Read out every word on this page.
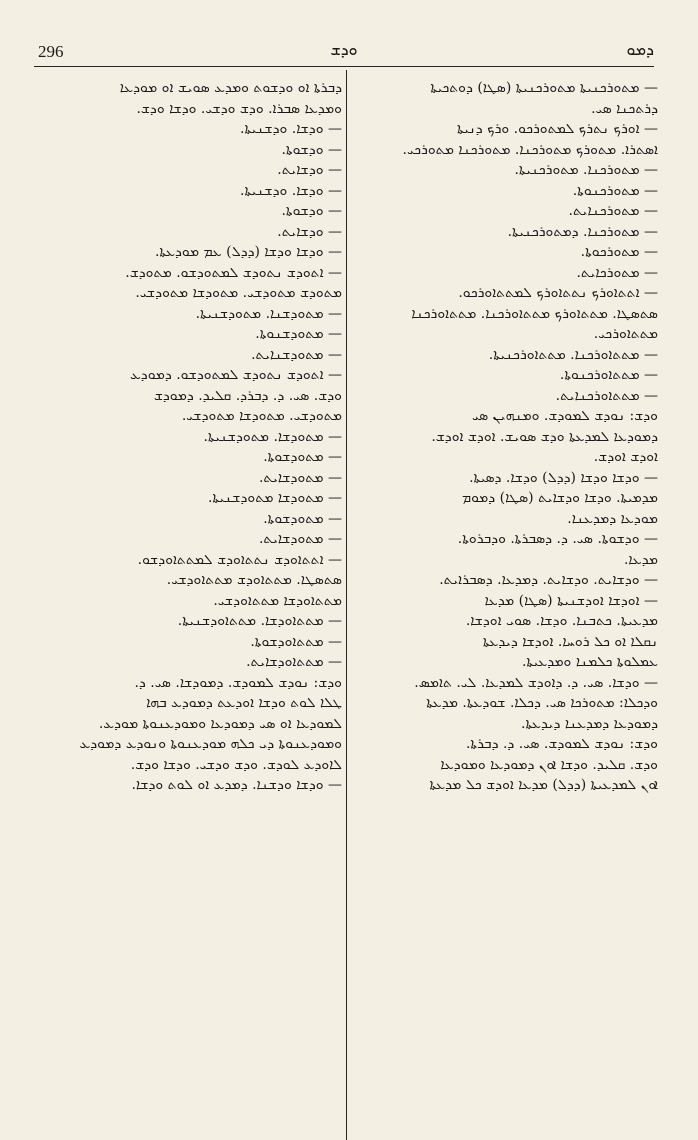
296	ܘܕܫ	ܕܡܘ
— ܡܬܘܪܟܢܝܬܐ ܡܬܘܪܟܢܝܬܐ (ܣܛܐ) ܕܘܬܟܝܬܐ
ܕܪܬܟܢܐ ܣܝ.
— ܐܘܪܟ ܢܬܪܟ ܠܡܬܘܪܟܘ. ܘܪܟ ܕܢܝܬܐ
ܐܣܬܪܐ. ܡܬܘܪܟ ܡܬܘܪܟܢܐ. ܡܬܘܪܟܢܐ ܡܬܘܪܟܝ.
— ܡܬܘܪܟܢܐ. ܡܬܘܪܟܢܝܬܐ.
— ܡܬܘܪܟܢܘܬܐ.
— ܡܬܘܪܟܢܐܝܬ.
— ܡܬܘܪܟܢܐ. ܕܡܬܘܪܟܢܝܬܐ.
— ܡܬܘܪܟܘܬܐ.
— ܡܬܘܪܟܐܝܬ.
— ܐܬܬܐܘܪܟ ܢܬܬܐܘܪܟ ܠܡܬܬܐܘܪܟܘ.
ܣܬܣܛܐ. ܡܬܬܐܘܪܟ ܡܬܬܐܘܪܟܢܐ. ܡܬܬܐܘܪܟܢܐ
ܡܬܬܐܘܪܟܝ.
— ܡܬܬܐܘܪܟܢܐ. ܡܬܬܐܘܪܟܢܝܬܐ.
— ܡܬܬܐܘܪܟܢܘܬܐ.
— ܡܬܬܐܘܪܟܢܐܝܬ.
ܘܕܫ: ܢܘܕܫ ܠܡܘܕܫ. ܘܡܢܗܝܢ ܣܝ
ܕܡܘܕܥܐ ܠܡܕܥܬܐ ܘܕܫ ܣܘܝܫ. ܐܘܕܫ ܐܘܕܫ.
ܐܘܕܫ ܐܘܕܫ.
— ܘܕܫܐ ܘܕܫܐ (ܕܕܠ) ܘܕܫܐ. ܕܣܝܬܐ.
ܡܕܡܝܬܐ. ܘܕܫܐ ܘܕܫܐܝܬ (ܣܛܐ) ܕܡܘܡ
ܡܘܕܥܐ ܕܡܕܥܢܐ.
— ܘܕܫܘܬܐ. ܣܝ. ܕ. ܕܣܒܪܬܐ. ܘܕܒܪܘܬܐ.
ܡܕܥܐ.
— ܘܕܫܐܝܬ. ܘܕܫܐܝܬ. ܕܡܕܥܐ. ܕܣܒܪܐܝܬ.
— ܐܘܕܫܐ ܐܘܕܫܢܝܬܐ (ܣܛܐ) ܡܕܥܐ
ܡܕܥܝܬܐ. ܟܬܒܢܐ. ܘܕܫܐ. ܣܘܝ ܐܘܕܫܐ.
ܢܩܠܐ ܐܘ ܟܠ ܪܘܚܐ. ܐܘܕܫܐ ܕܝܕܥܬܐ
ܥܡܠܘܬܐ ܟܠܡܢܐ ܘܡܕܥܝܬܐ.
— ܘܕܫܐ. ܣܝ. ܕ. ܕܐܘܕܫ ܠܡܕܥܐ. ܠܝ. ܬܐܡܣ.
ܘܕܟܠܐ: ܡܬܘܪܟܐ ܣܝ. ܕܟܠܐ. ܫܘܕܥܬܐ. ܡܕܥܬܐ
ܕܡܘܕܥܐ ܕܡܕܥܢܐ ܕܝܕܥܬܐ.
ܘܕܫ: ܢܘܕܫ ܠܡܘܕܫ. ܣܝ. ܕ. ܕܒܪܬܐ.
ܘܕܫ. ܩܠܝܕ. ܘܕܫܐ ܐܘܢ ܕܡܘܕܥܐ ܘܡܘܕܥܐ
ܐܘܢ ܠܡܕܥܝܬܐ (ܕܕܠ) ܡܕܥܐ ܐܘܕܫ ܟܠ ܡܕܥܬܐ
ܕܒܪܬܐ ܐܘ ܘܕܫܘܬ ܘܡܕܥ ܣܘܝܫ ܐܘ ܡܘܕܥܐ
ܘܡܕܥܐ ܣܒܪܐ. ܘܕܫ ܘܕܫܝ. ܘܕܫܐ ܘܕܫ.
— ܘܕܫܐ. ܘܕܫܢܝܬܐ.
— ܘܕܫܘܬܐ.
— ܘܕܫܐܝܬ.
— ܘܕܫܐ. ܘܕܫܢܝܬܐ.
— ܘܕܫܘܬܐ.
— ܘܕܫܐܝܬ.
— ܘܕܫܐ ܘܕܫܐ (ܕܕܠ) ܥܡ ܡܘܕܥܬܐ.
— ܐܬܘܕܫ ܢܬܘܕܫ ܠܡܬܘܕܫܘ. ܡܬܘܕܫ.
ܡܬܘܕܫ ܡܬܘܕܫܝ. ܡܬܘܕܫܐ ܡܬܘܕܫܝ.
— ܡܬܘܕܫܢܐ. ܡܬܘܕܫܢܝܬܐ.
— ܡܬܘܕܫܢܘܬܐ.
— ܡܬܘܕܫܢܐܝܬ.
— ܐܬܘܕܫ ܢܬܘܕܫ ܠܡܬܘܕܫܘ. ܕܡܘܕܥ
ܘܕܫ. ܣܝ. ܕ. ܕܒܪܕ. ܩܠܝܕ. ܕܡܘܕܫ
ܡܬܘܕܫܝ. ܡܬܘܕܫܐ ܡܬܘܕܫܝ.
— ܡܬܘܕܫܐ. ܡܬܘܕܫܢܝܬܐ.
— ܡܬܘܕܫܘܬܐ.
— ܡܬܘܕܫܐܝܬ.
— ܡܬܘܕܫܐ ܡܬܘܕܫܢܝܬܐ.
— ܡܬܘܕܫܘܬܐ.
— ܡܬܘܕܫܐܝܬ.
— ܐܬܬܐܘܕܫ ܢܬܬܐܘܕܫ ܠܡܬܬܐܘܕܫܘ.
ܣܬܣܛܐ. ܡܬܬܐܘܕܫ ܡܬܬܐܘܕܫܝ.
ܡܬܬܐܘܕܫܐ ܡܬܬܐܘܕܫܝ.
— ܡܬܬܐܘܕܫܐ. ܡܬܬܐܘܕܫܢܝܬܐ.
— ܡܬܬܐܘܕܫܘܬܐ.
— ܡܬܬܐܘܕܫܐܝܬ.
ܘܕܫ: ܢܘܕܫ ܠܡܘܕܫ. ܕܡܘܕܫܐ. ܣܝ. ܕ.
ܛܠܐ ܠܘܬ ܘܕܫܐ ܐܘܕܥܬ ܕܡܘܕܥ ܒܗܐ
ܠܡܘܕܥܐ ܐܘ ܣܝ ܕܡܘܕܥܐ ܘܡܘܕܥܢܘܬܐ ܡܘܕܥ.
ܘܡܘܕܥܢܘܬܐ ܕܝ ܟܠܗ ܡܘܕܥܢܘܬܐ ܘܢܘܕܥ ܕܡܘܕܥ
ܠܐܘܕܥ ܠܘܕܫ. ܘܕܫ ܘܕܫܝ. ܘܕܫܐ ܘܕܫ.
— ܘܕܫܐ ܘܕܫܢܐ. ܕܡܕܥ ܐܘ ܠܘܬ ܘܕܫܐ.
